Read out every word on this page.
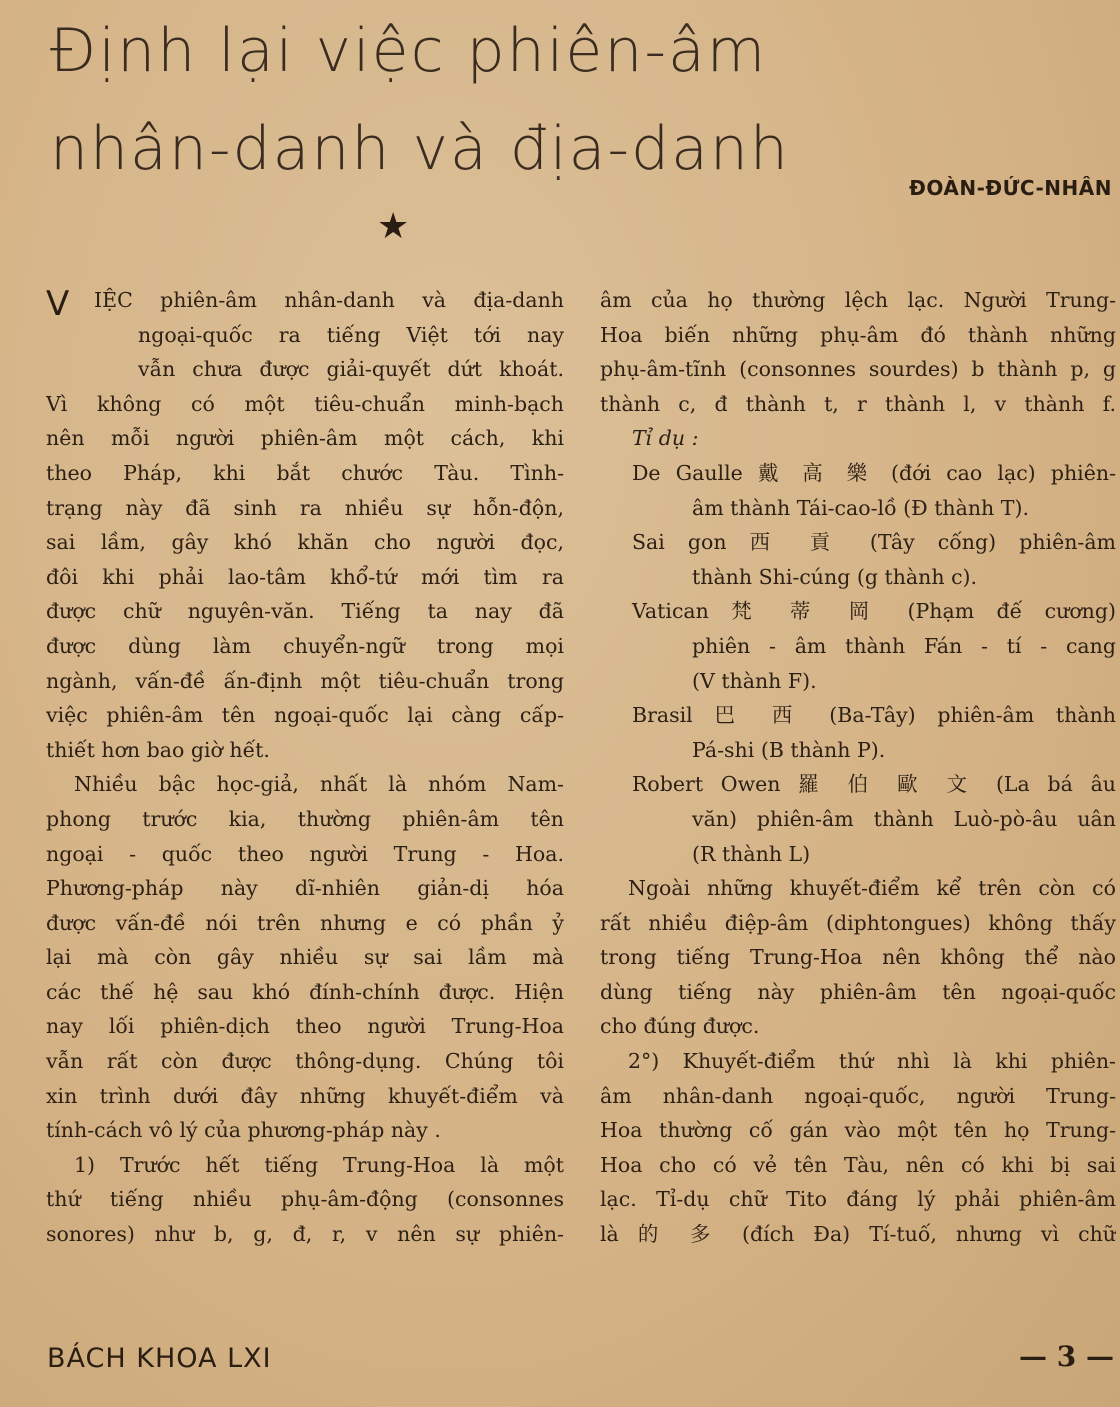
Định lại việc phiên-âm
nhân-danh và địa-danh
ĐOÀN-ĐỨC-NHÂN
★
V	IỆC phiên-âm nhân-danh và địa-danh
ngoại-quốc ra tiếng Việt tới nay
vẫn chưa được giải-quyết dứt khoát.
Vì không có một tiêu-chuẩn minh-bạch
nên mỗi người phiên-âm một cách, khi
theo Pháp, khi bắt chước Tàu. Tình-
trạng này đã sinh ra nhiều sự hỗn-độn,
sai lầm, gây khó khăn cho người đọc,
đôi khi phải lao-tâm khổ-tứ mới tìm ra
được chữ nguyên-văn. Tiếng ta nay đã
được dùng làm chuyển-ngữ trong mọi
ngành, vấn-đề ấn-định một tiêu-chuẩn trong
việc phiên-âm tên ngoại-quốc lại càng cấp-
thiết hơn bao giờ hết.
Nhiều bậc học-giả, nhất là nhóm Nam-
phong trước kia, thường phiên-âm tên
ngoại - quốc theo người Trung - Hoa.
Phương-pháp này dĩ-nhiên giản-dị hóa
được vấn-đề nói trên nhưng e có phần ỷ
lại mà còn gây nhiều sự sai lầm mà
các thế hệ sau khó đính-chính được. Hiện
nay lối phiên-dịch theo người Trung-Hoa
vẫn rất còn được thông-dụng. Chúng tôi
xin trình dưới đây những khuyết-điểm và
tính-cách vô lý của phương-pháp này .
1) Trước hết tiếng Trung-Hoa là một
thứ tiếng nhiều phụ-âm-động (consonnes
sonores) như b, g, đ, r, v nên sự phiên-
âm của họ thường lệch lạc. Người Trung-
Hoa biến những phụ-âm đó thành những
phụ-âm-tĩnh (consonnes sourdes) b thành p, g
thành c, đ thành t, r thành l, v thành f.
Tỉ dụ :
De Gaulle 戴 高 樂 (đới cao lạc) phiên-
âm thành Tái-cao-lồ (Đ thành T).
Sai gon 西 貢 (Tây cống) phiên-âm
thành Shi-cúng (g thành c).
Vatican 梵 蒂 岡 (Phạm đế cương)
phiên - âm thành Fán - tí - cang
(V thành F).
Brasil 巴 西 (Ba-Tây) phiên-âm thành
Pá-shi (B thành P).
Robert Owen 羅 伯 歐 文 (La bá âu
văn) phiên-âm thành Luò-pò-âu uân
(R thành L)
Ngoài những khuyết-điểm kể trên còn có
rất nhiều điệp-âm (diphtongues) không thấy
trong tiếng Trung-Hoa nên không thể nào
dùng tiếng này phiên-âm tên ngoại-quốc
cho đúng được.
2°) Khuyết-điểm thứ nhì là khi phiên-
âm nhân-danh ngoại-quốc, người Trung-
Hoa thường cố gán vào một tên họ Trung-
Hoa cho có vẻ tên Tàu, nên có khi bị sai
lạc. Tỉ-dụ chữ Tito đáng lý phải phiên-âm
là 的 多 (đích Đa) Tí-tuố, nhưng vì chữ
BÁCH KHOA LXI	— 3 —
